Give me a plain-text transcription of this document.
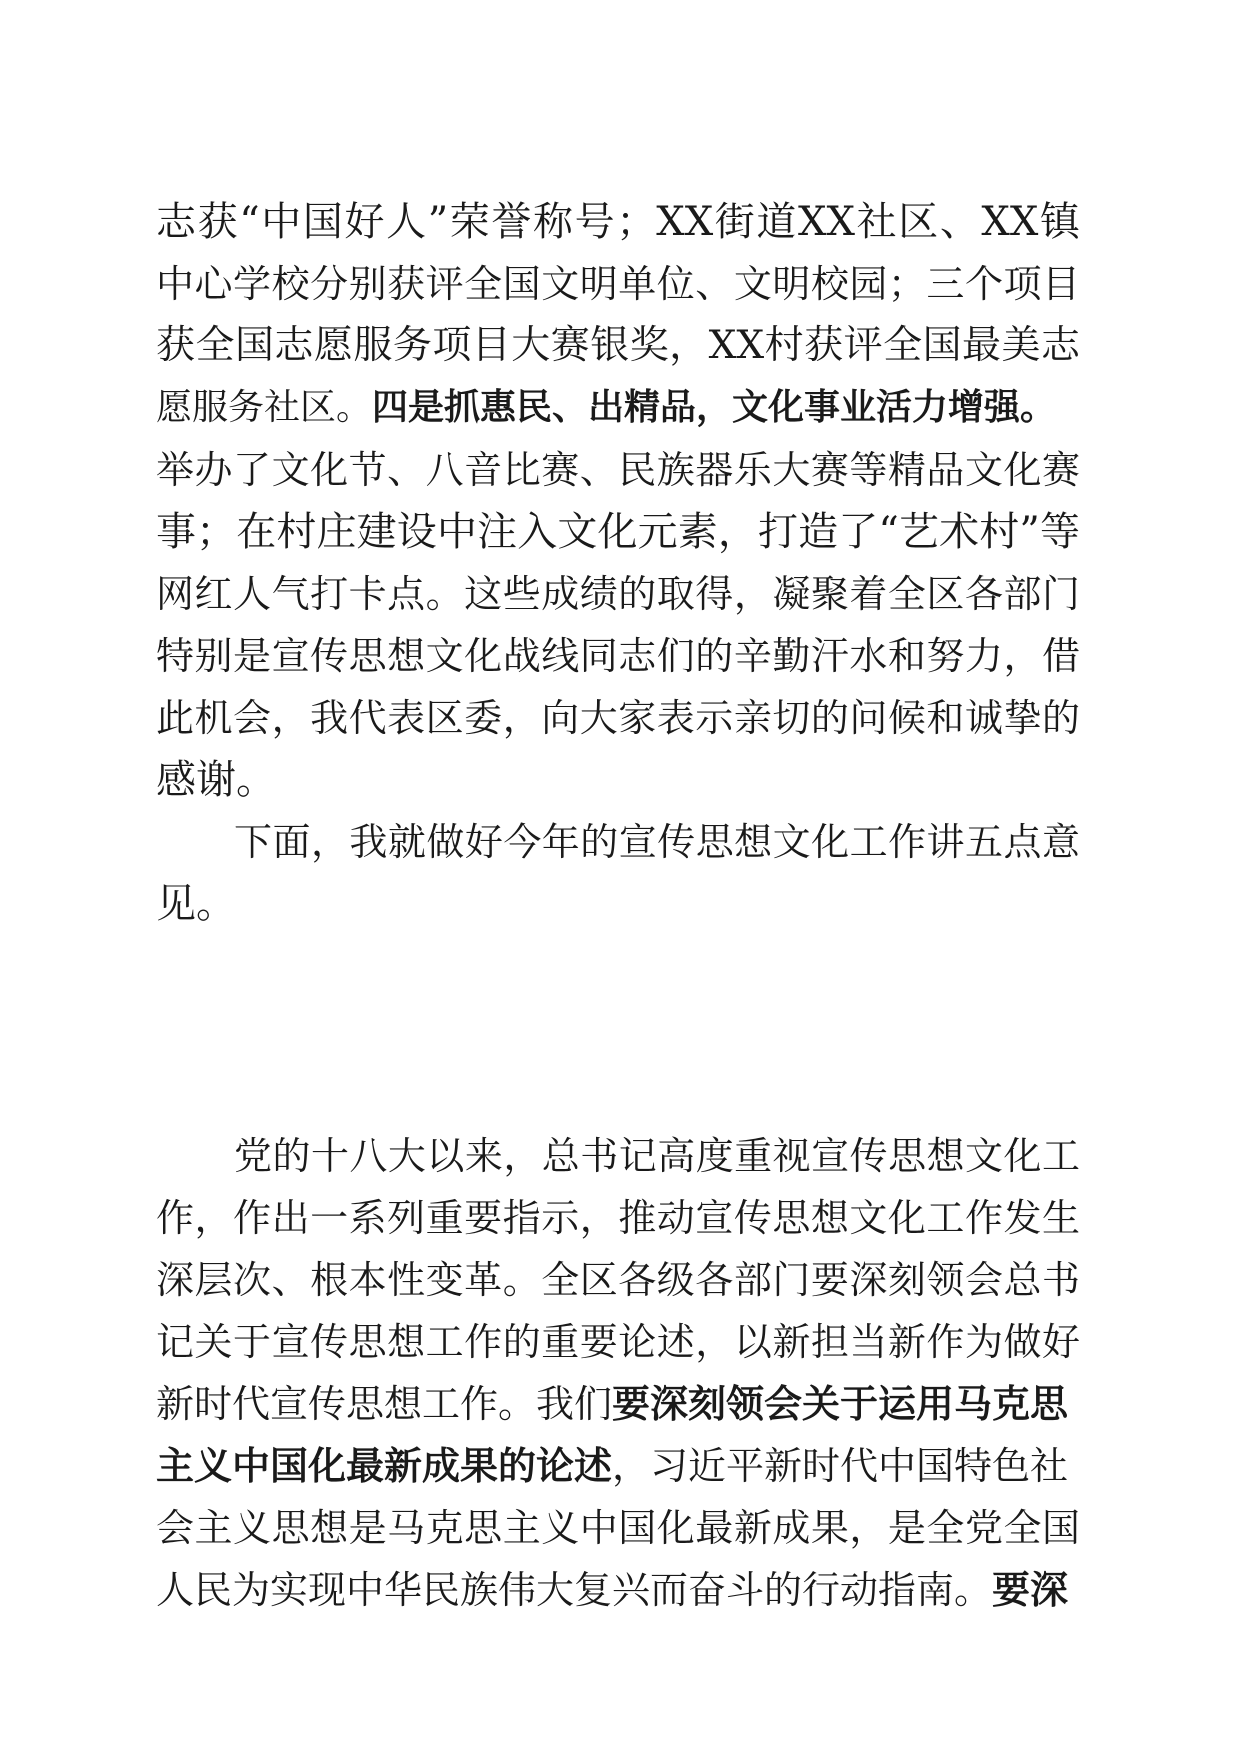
志获“中国好人”荣誉称号；XX街道XX社区、XX镇
中心学校分别获评全国文明单位、文明校园；三个项目
获全国志愿服务项目大赛银奖，XX村获评全国最美志
愿服务社区。四是抓惠民、出精品，文化事业活力增强。
举办了文化节、八音比赛、民族器乐大赛等精品文化赛
事；在村庄建设中注入文化元素，打造了“艺术村”等
网红人气打卡点。这些成绩的取得，凝聚着全区各部门
特别是宣传思想文化战线同志们的辛勤汗水和努力，借
此机会，我代表区委，向大家表示亲切的问候和诚挚的
感谢。
下面，我就做好今年的宣传思想文化工作讲五点意
见。
党的十八大以来，总书记高度重视宣传思想文化工
作，作出一系列重要指示，推动宣传思想文化工作发生
深层次、根本性变革。全区各级各部门要深刻领会总书
记关于宣传思想工作的重要论述，以新担当新作为做好
新时代宣传思想工作。我们要深刻领会关于运用马克思
主义中国化最新成果的论述，习近平新时代中国特色社
会主义思想是马克思主义中国化最新成果，是全党全国
人民为实现中华民族伟大复兴而奋斗的行动指南。要深
